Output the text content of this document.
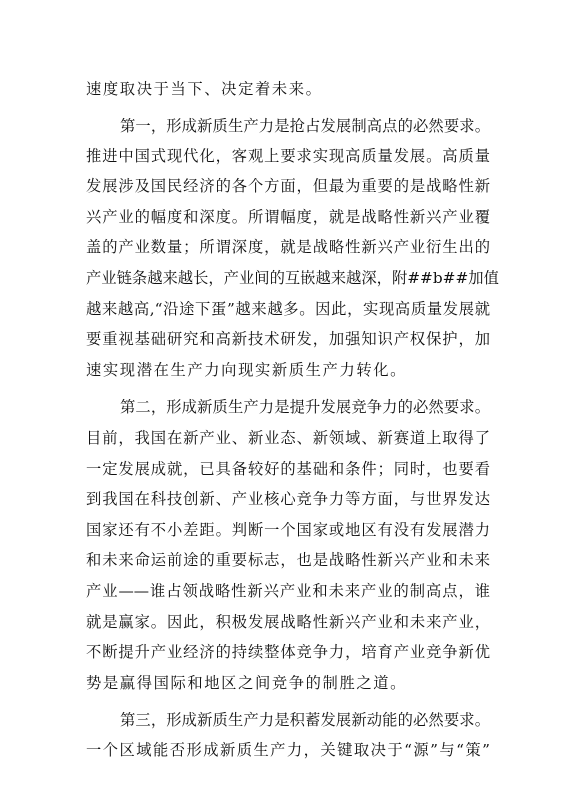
速度取决于当下、决定着未来。
第一，形成新质生产力是抢占发展制高点的必然要求。
推进中国式现代化，客观上要求实现高质量发展。高质量
发展涉及国民经济的各个方面，但最为重要的是战略性新
兴产业的幅度和深度。所谓幅度，就是战略性新兴产业覆
盖的产业数量；所谓深度，就是战略性新兴产业衍生出的
产业链条越来越长，产业间的互嵌越来越深，附##b##加值
越来越高,“沿途下蛋”越来越多。因此，实现高质量发展就
要重视基础研究和高新技术研发，加强知识产权保护，加
速实现潜在生产力向现实新质生产力转化。
第二，形成新质生产力是提升发展竞争力的必然要求。
目前，我国在新产业、新业态、新领域、新赛道上取得了
一定发展成就，已具备较好的基础和条件；同时，也要看
到我国在科技创新、产业核心竞争力等方面，与世界发达
国家还有不小差距。判断一个国家或地区有没有发展潜力
和未来命运前途的重要标志，也是战略性新兴产业和未来
产业——谁占领战略性新兴产业和未来产业的制高点，谁
就是赢家。因此，积极发展战略性新兴产业和未来产业，
不断提升产业经济的持续整体竞争力，培育产业竞争新优
势是赢得国际和地区之间竞争的制胜之道。
第三，形成新质生产力是积蓄发展新动能的必然要求。
一个区域能否形成新质生产力，关键取决于“源”与“策”
